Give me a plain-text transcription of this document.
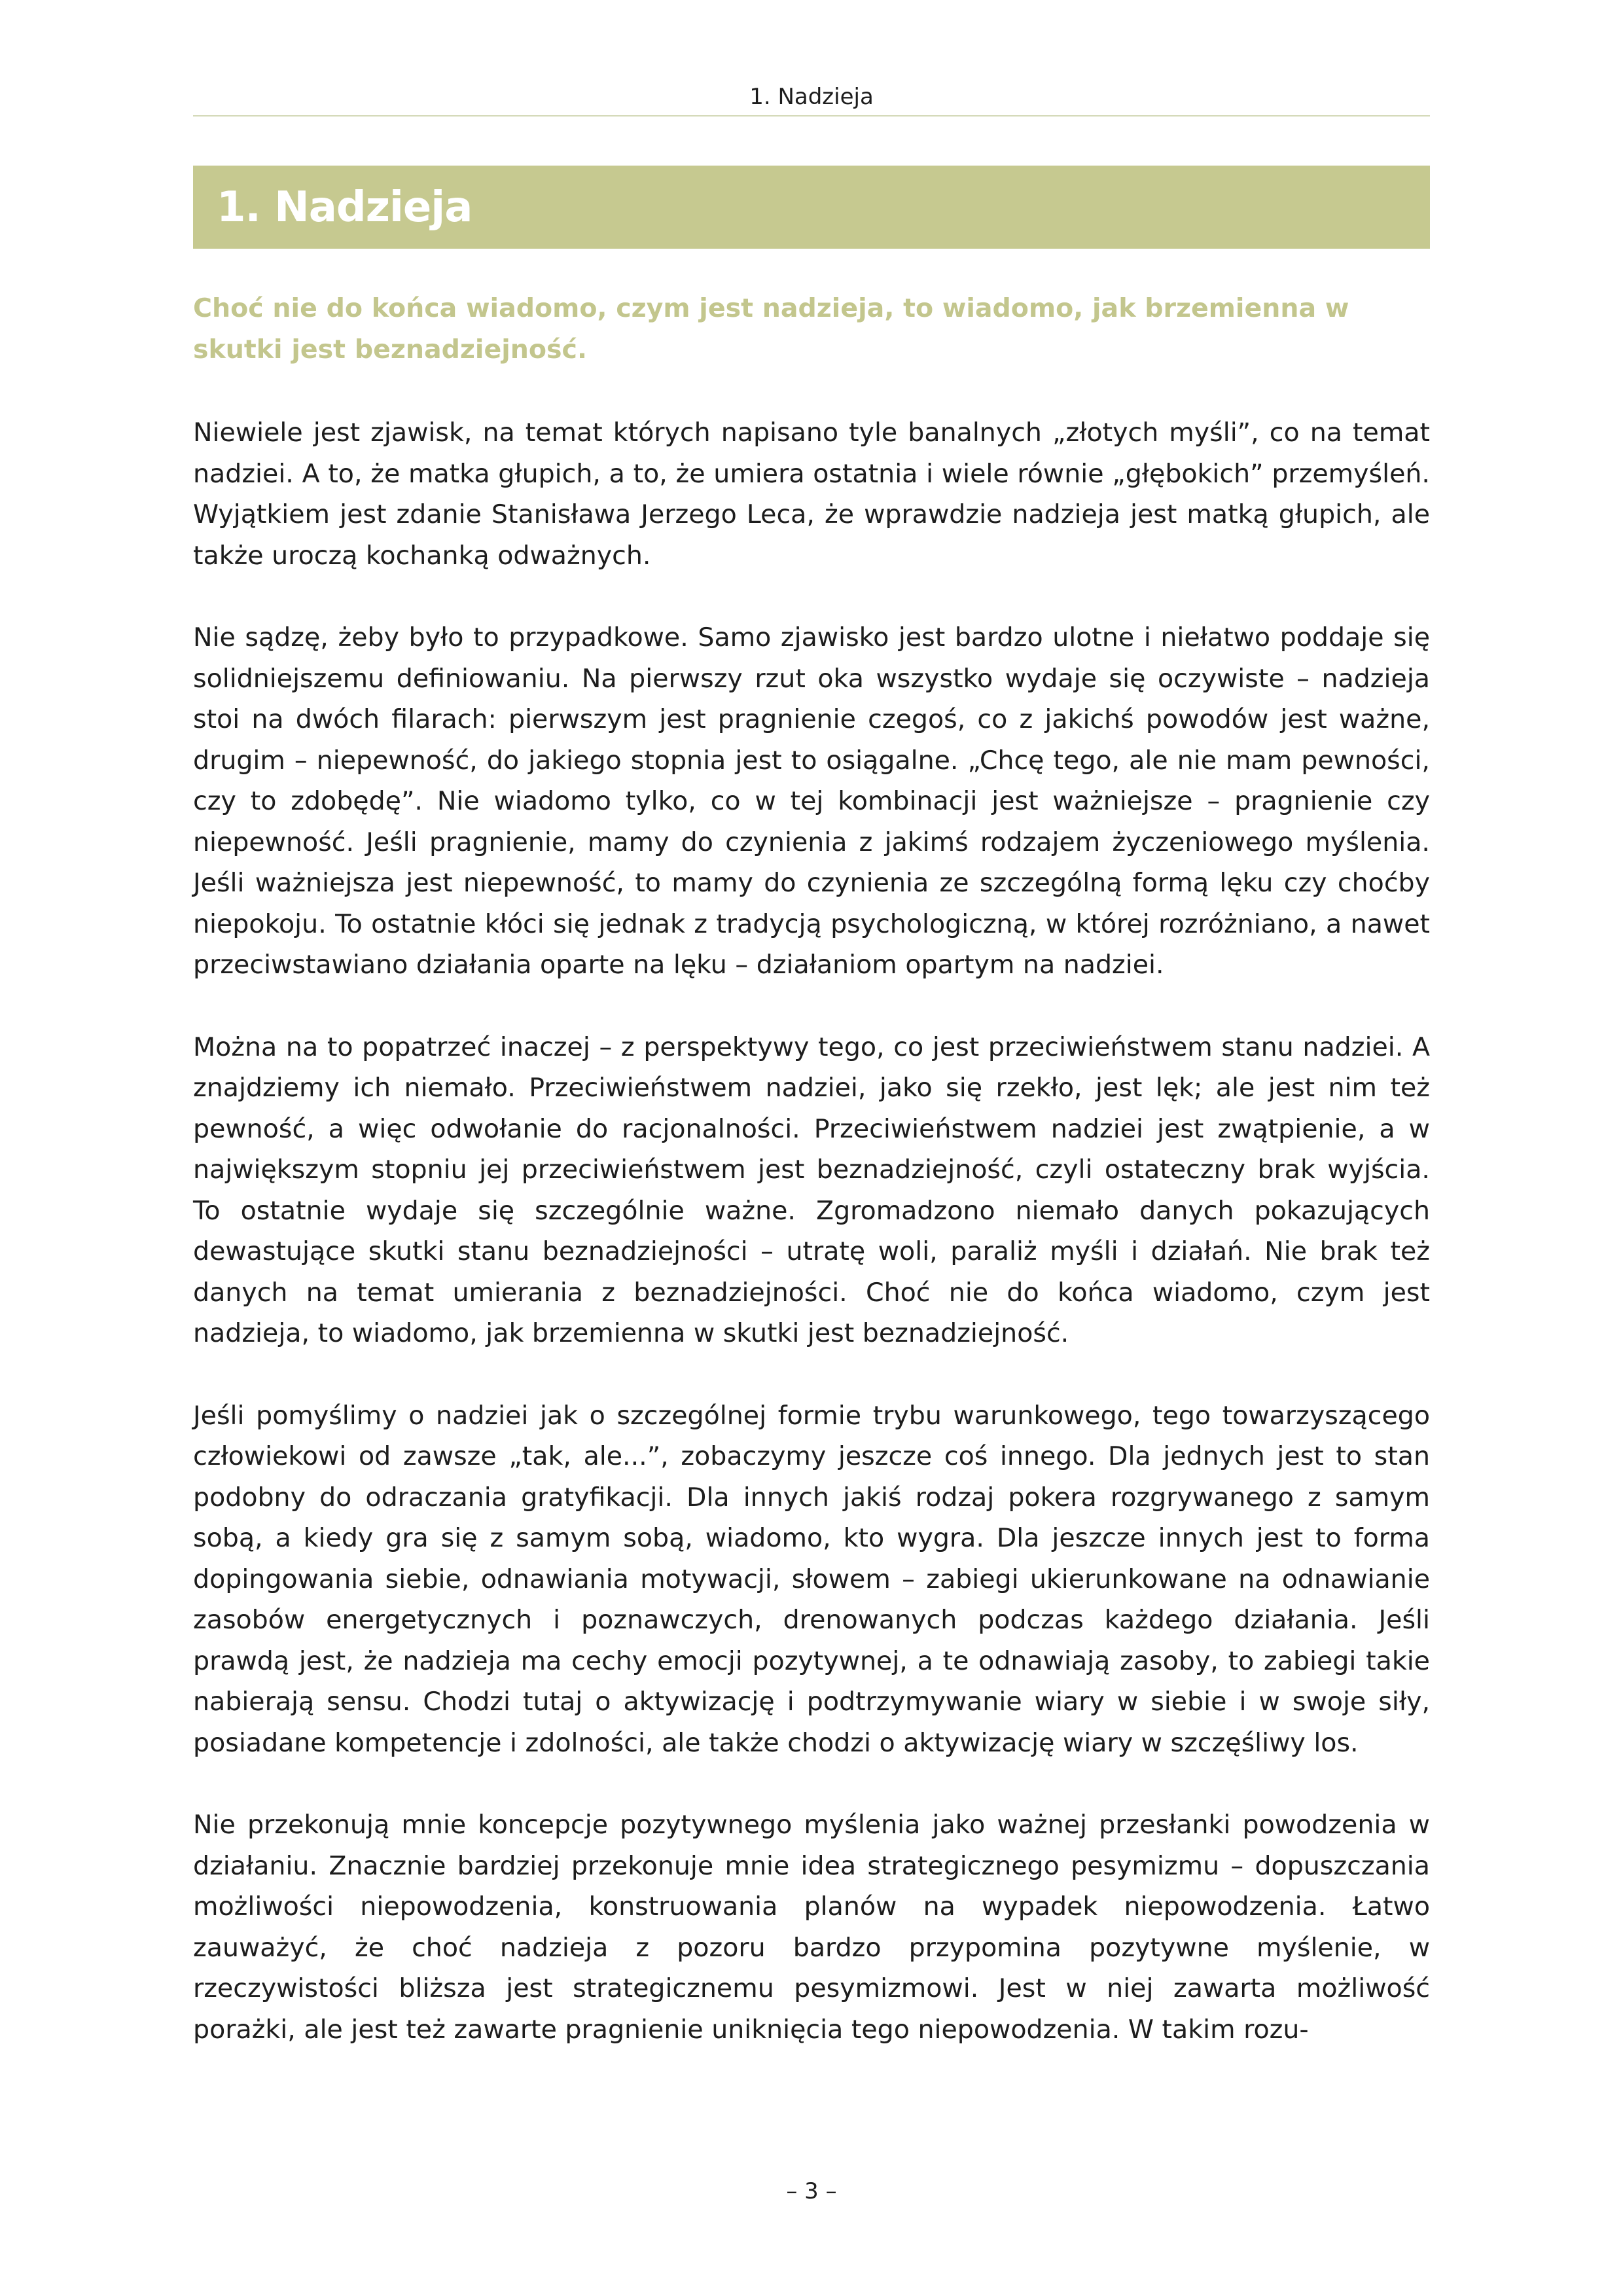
1. Nadzieja
1. Nadzieja

Choć nie do końca wiadomo, czym jest nadzieja, to wiadomo, jak brzemienna w skutki jest beznadziejność.

Niewiele jest zjawisk, na temat których napisano tyle banalnych „złotych myśli”, co na temat nadziei. A to, że matka głupich, a to, że umiera ostatnia i wiele równie „głębokich” przemyśleń. Wyjątkiem jest zdanie Stanisława Jerzego Leca, że wprawdzie nadzieja jest matką głupich, ale także uroczą kochanką odważnych.

Nie sądzę, żeby było to przypadkowe. Samo zjawisko jest bardzo ulotne i niełatwo poddaje się solidniejszemu definiowaniu. Na pierwszy rzut oka wszystko wydaje się oczywiste – nadzieja stoi na dwóch filarach: pierwszym jest pragnienie czegoś, co z jakichś powodów jest ważne, drugim – niepewność, do jakiego stopnia jest to osiągalne. „Chcę tego, ale nie mam pewności, czy to zdobędę”. Nie wiadomo tylko, co w tej kombinacji jest ważniejsze – pragnienie czy niepewność. Jeśli pragnienie, mamy do czynienia z jakimś rodzajem życzeniowego myślenia. Jeśli ważniejsza jest niepewność, to mamy do czynienia ze szczególną formą lęku czy choćby niepokoju. To ostatnie kłóci się jednak z tradycją psychologiczną, w której rozróżniano, a nawet przeciwstawiano działania oparte na lęku – działaniom opartym na nadziei.

Można na to popatrzeć inaczej – z perspektywy tego, co jest przeciwieństwem stanu nadziei. A znajdziemy ich niemało. Przeciwieństwem nadziei, jako się rzekło, jest lęk; ale jest nim też pewność, a więc odwołanie do racjonalności. Przeciwieństwem nadziei jest zwątpienie, a w największym stopniu jej przeciwieństwem jest beznadziejność, czyli ostateczny brak wyjścia. To ostatnie wydaje się szczególnie ważne. Zgromadzono niemało danych pokazujących dewastujące skutki stanu beznadziejności – utratę woli, paraliż myśli i działań. Nie brak też danych na temat umierania z beznadziejności. Choć nie do końca wiadomo, czym jest nadzieja, to wiadomo, jak brzemienna w skutki jest beznadziejność.

Jeśli pomyślimy o nadziei jak o szczególnej formie trybu warunkowego, tego towarzyszącego człowiekowi od zawsze „tak, ale...”, zobaczymy jeszcze coś innego. Dla jednych jest to stan podobny do odraczania gratyfikacji. Dla innych jakiś rodzaj pokera rozgrywanego z samym sobą, a kiedy gra się z samym sobą, wiadomo, kto wygra. Dla jeszcze innych jest to forma dopingowania siebie, odnawiania motywacji, słowem – zabiegi ukierunkowane na odnawianie zasobów energetycznych i poznawczych, drenowanych podczas każdego działania. Jeśli prawdą jest, że nadzieja ma cechy emocji pozytywnej, a te odnawiają zasoby, to zabiegi takie nabierają sensu. Chodzi tutaj o aktywizację i podtrzymywanie wiary w siebie i w swoje siły, posiadane kompetencje i zdolności, ale także chodzi o aktywizację wiary w szczęśliwy los.

Nie przekonują mnie koncepcje pozytywnego myślenia jako ważnej przesłanki powodzenia w działaniu. Znacznie bardziej przekonuje mnie idea strategicznego pesymizmu – dopuszczania możliwości niepowodzenia, konstruowania planów na wypadek niepowodzenia. Łatwo zauważyć, że choć nadzieja z pozoru bardzo przypomina pozytywne myślenie, w rzeczywistości bliższa jest strategicznemu pesymizmowi. Jest w niej zawarta możliwość porażki, ale jest też zawarte pragnienie uniknięcia tego niepowodzenia. W takim rozu-

– 3 –
